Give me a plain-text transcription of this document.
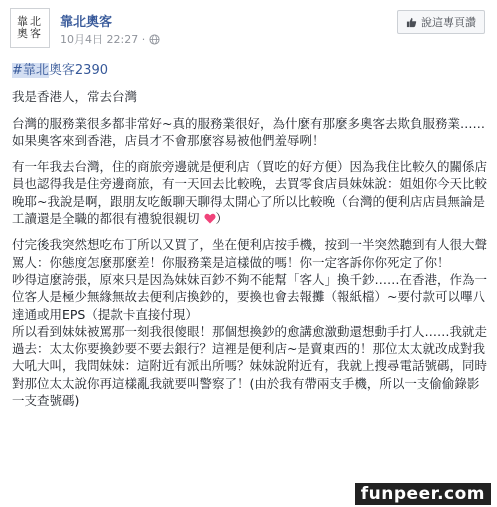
靠北奧客
靠北奧客
10月4日 22:27 ·
說這專頁讚
#靠北奧客2390

我是香港人，常去台灣

台灣的服務業很多都非常好~真的服務業很好，為什麼有那麼多奧客去欺負服務業……如果奧客來到香港，店員才不會那麼容易被他們羞辱咧！

有一年我去台灣，住的商旅旁邊就是便利店（買吃的好方便）因為我住比較久的關係店員也認得我是住旁邊商旅，有一天回去比較晚，去買零食店員妹妹說：姐姐你今天比較晚耶~我說是啊，跟朋友吃飯聊天聊得太開心了所以比較晚（台灣的便利店店員無論是工讀還是全職的都很有禮貌很親切 ）

付完後我突然想吃布丁所以又買了，坐在便利店按手機，按到一半突然聽到有人很大聲罵人：你態度怎麼那麼差！你服務業是這樣做的嗎！你一定客訴你你死定了你！

吵得這麼誇張，原來只是因為妹妹百鈔不夠不能幫「客人」換千鈔……在香港，作為一位客人是極少無緣無故去便利店換鈔的，要換也會去報攤（報紙檔）~要付款可以嗶八達通或用EPS（提款卡直接付現）

所以看到妹妹被罵那一刻我很傻眼！那個想換鈔的愈講愈激動還想動手打人……我就走過去：太太你要換鈔要不要去銀行？這裡是便利店~是賣東西的！那位太太就改成對我大吼大叫，我問妹妹：這附近有派出所嗎？妹妹說附近有，我就上搜尋電話號碼，同時對那位太太說你再這樣亂我就要叫警察了！(由於我有帶兩支手機，所以一支偷偷錄影一支查號碼)

funpeer.com
